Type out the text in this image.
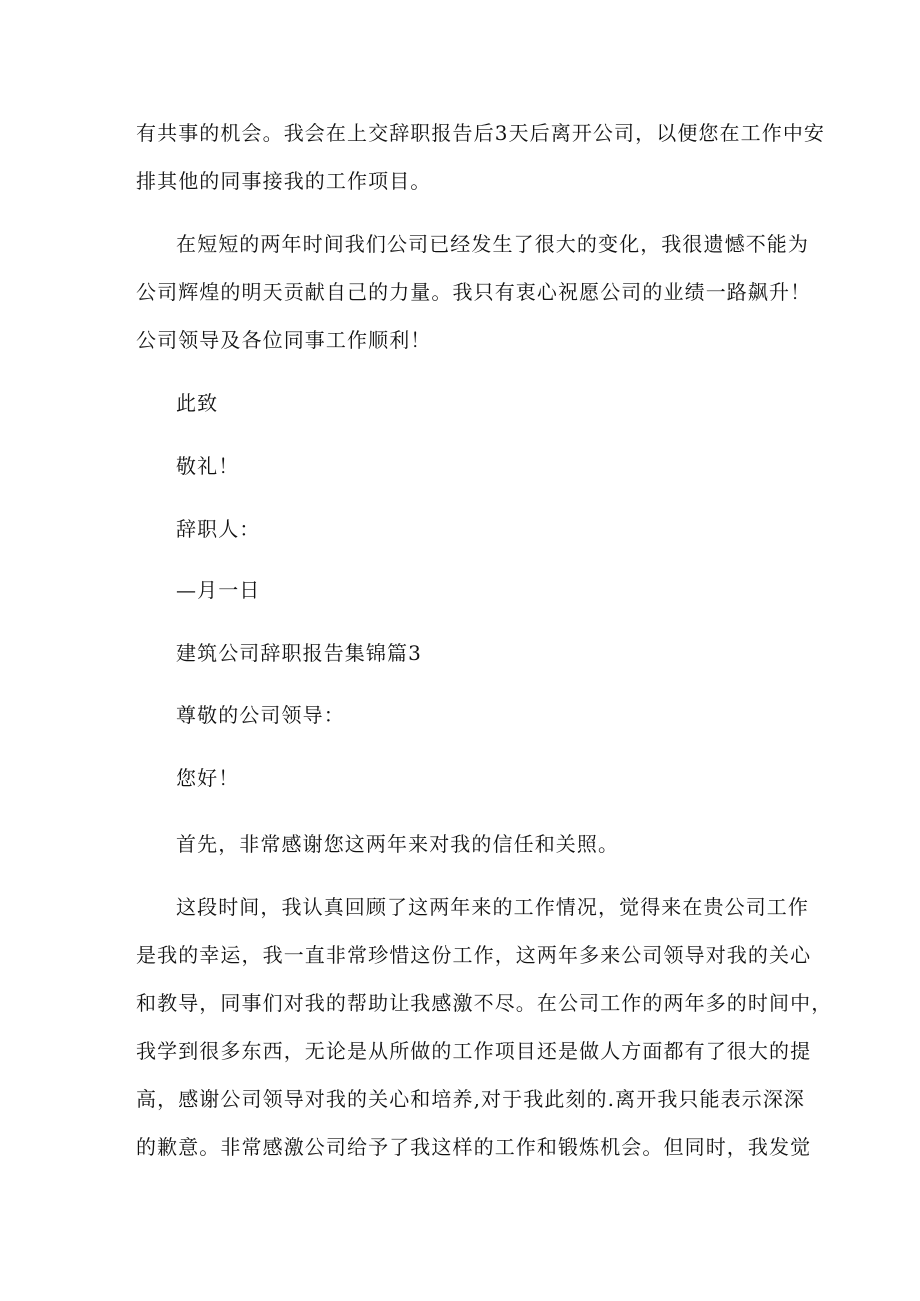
有共事的机会。我会在上交辞职报告后3天后离开公司，以便您在工作中安
排其他的同事接我的工作项目。
在短短的两年时间我们公司已经发生了很大的变化，我很遗憾不能为
公司辉煌的明天贡献自己的力量。我只有衷心祝愿公司的业绩一路飙升！
公司领导及各位同事工作顺利！
此致
敬礼！
辞职人：
—月一日
建筑公司辞职报告集锦篇3
尊敬的公司领导：
您好！
首先，非常感谢您这两年来对我的信任和关照。
这段时间，我认真回顾了这两年来的工作情况，觉得来在贵公司工作
是我的幸运，我一直非常珍惜这份工作，这两年多来公司领导对我的关心
和教导，同事们对我的帮助让我感激不尽。在公司工作的两年多的时间中，
我学到很多东西，无论是从所做的工作项目还是做人方面都有了很大的提
高，感谢公司领导对我的关心和培养,对于我此刻的.离开我只能表示深深
的歉意。非常感激公司给予了我这样的工作和锻炼机会。但同时，我发觉
